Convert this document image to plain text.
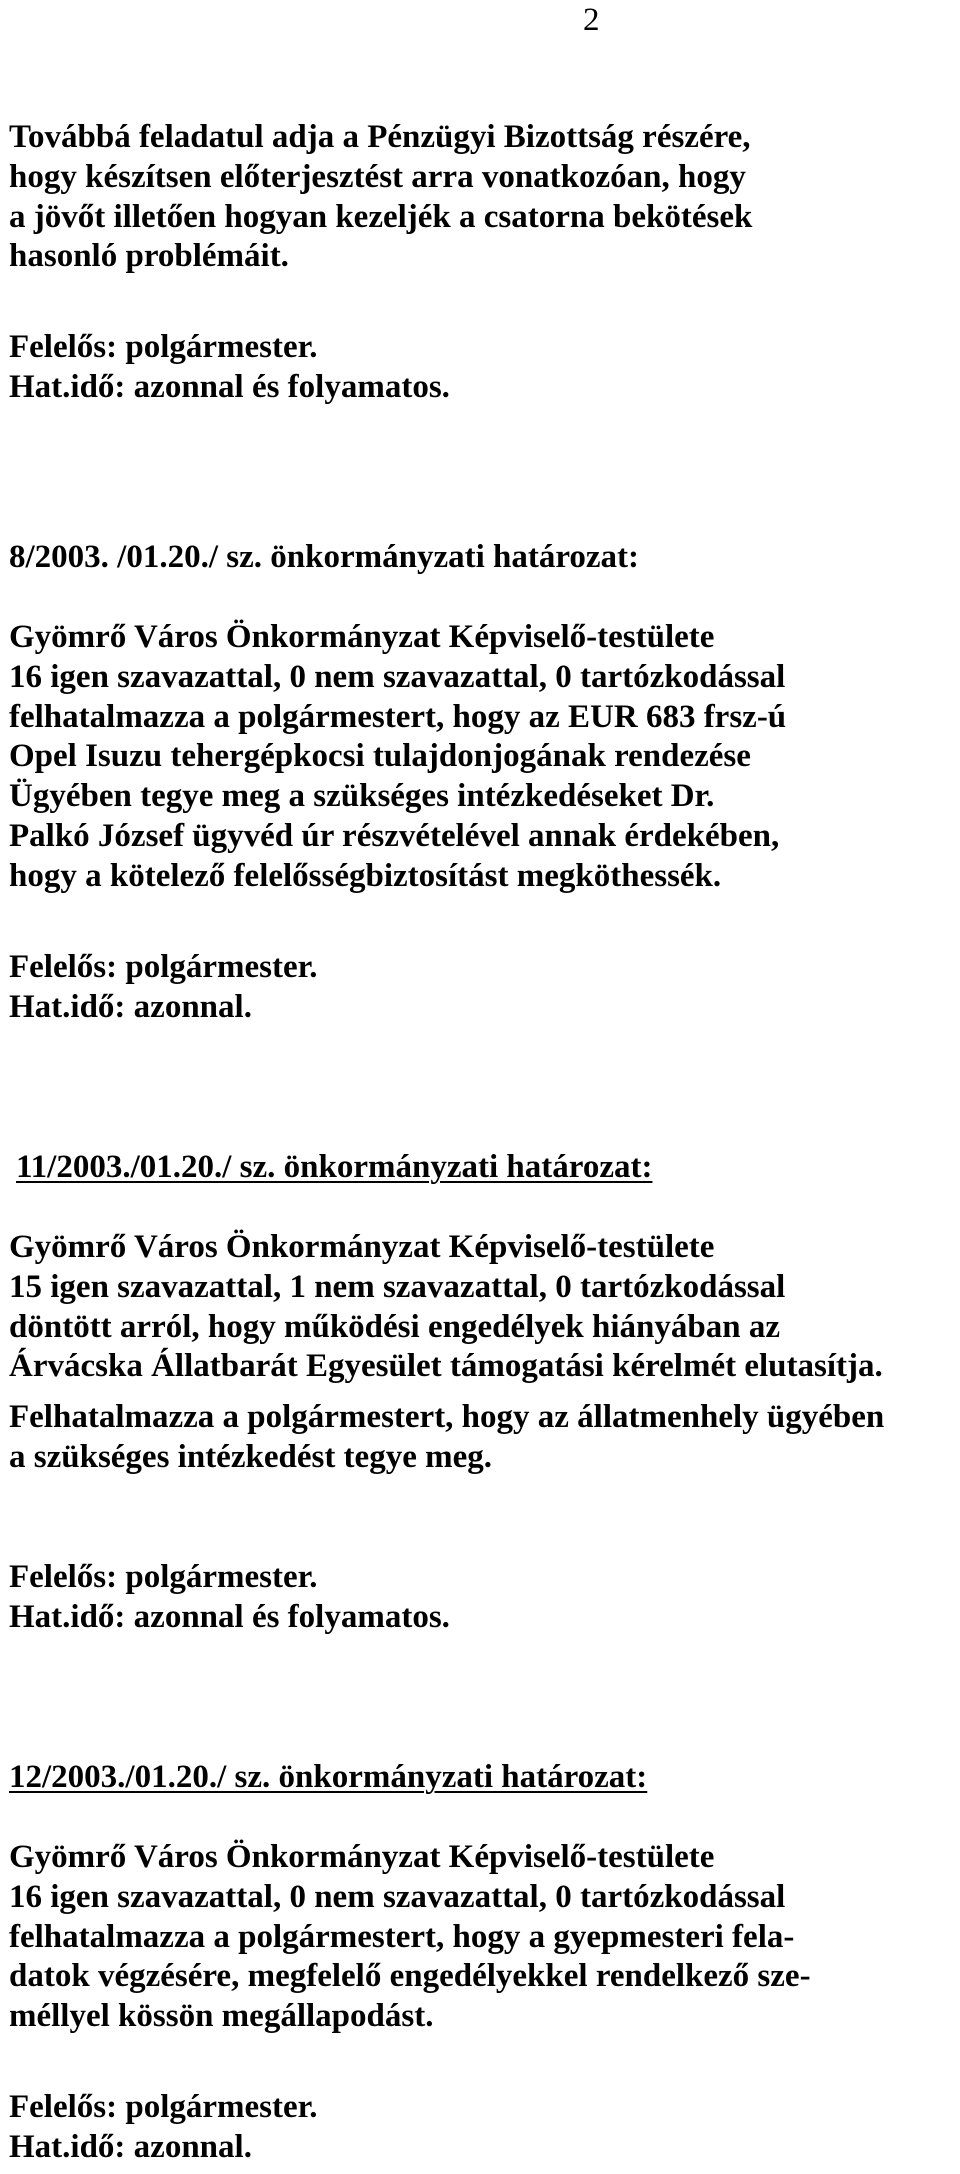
2
Továbbá feladatul adja a Pénzügyi Bizottság részére,
hogy készítsen előterjesztést arra vonatkozóan, hogy
a jövőt illetően hogyan kezeljék a csatorna bekötések
hasonló problémáit.
Felelős: polgármester.
Hat.idő: azonnal és folyamatos.
8/2003. /01.20./ sz. önkormányzati határozat:
Gyömrő Város Önkormányzat Képviselő-testülete
16 igen szavazattal, 0 nem szavazattal, 0 tartózkodással
felhatalmazza a polgármestert, hogy az EUR 683 frsz-ú
Opel Isuzu tehergépkocsi tulajdonjogának rendezése
Ügyében tegye meg a szükséges intézkedéseket Dr.
Palkó József ügyvéd úr részvételével annak érdekében,
hogy a kötelező felelősségbiztosítást megköthessék.
Felelős: polgármester.
Hat.idő: azonnal.
11/2003./01.20./ sz. önkormányzati határozat:
Gyömrő Város Önkormányzat Képviselő-testülete
15 igen szavazattal, 1 nem szavazattal, 0 tartózkodással
döntött arról, hogy működési engedélyek hiányában az
Árvácska Állatbarát Egyesület támogatási kérelmét elutasítja.
Felhatalmazza a polgármestert, hogy az állatmenhely ügyében
a szükséges intézkedést tegye meg.
Felelős: polgármester.
Hat.idő: azonnal és folyamatos.
12/2003./01.20./ sz. önkormányzati határozat:
Gyömrő Város Önkormányzat Képviselő-testülete
16 igen szavazattal, 0 nem szavazattal, 0 tartózkodással
felhatalmazza a polgármestert, hogy a gyepmesteri fela-
datok végzésére, megfelelő engedélyekkel rendelkező sze-
méllyel kössön megállapodást.
Felelős: polgármester.
Hat.idő: azonnal.
